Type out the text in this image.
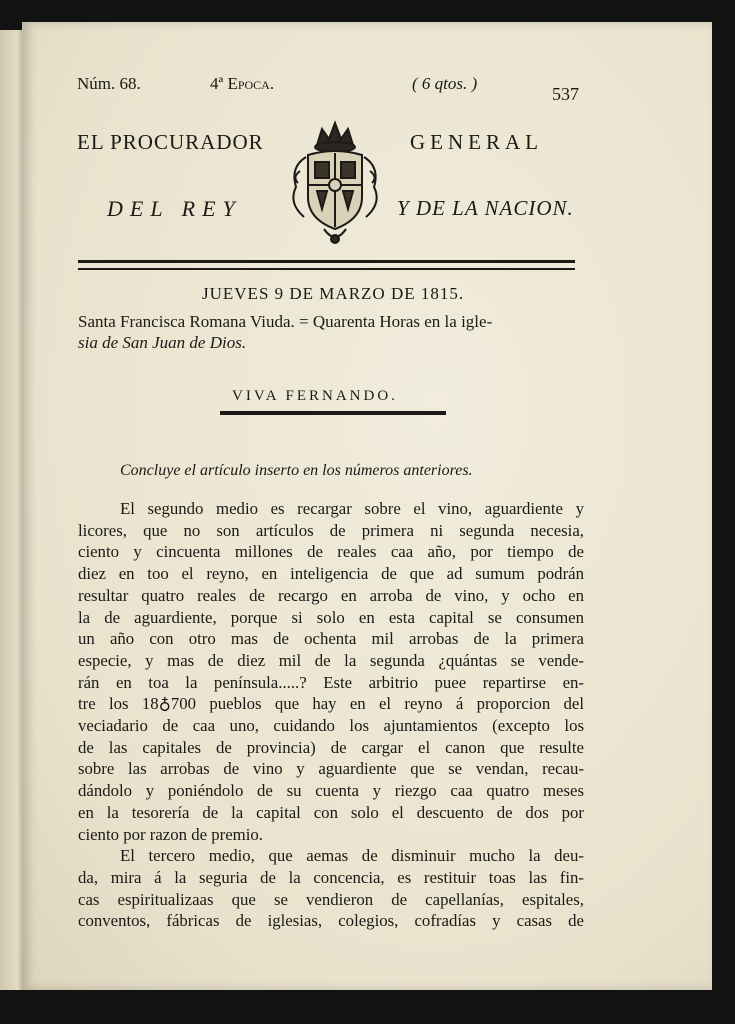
Núm. 68.	4ª Epoca.	( 6 qtos. )
537
EL PROCURADOR	GENERAL
DEL REY	Y DE LA NACION.
JUEVES 9 DE MARZO DE 1815.
Santa Francisca Romana Viuda. = Quarenta Horas en la igle-
sia de San Juan de Dios.
VIVA FERNANDO.
Concluye el artículo inserto en los números anteriores.
El segundo medio es recargar sobre el vino, aguardiente y
licores, que no son artículos de primera ni segunda necesia,
ciento y cincuenta millones de reales caa año, por tiempo de
diez en too el reyno, en inteligencia de que ad sumum podrán
resultar quatro reales de recargo en arroba de vino, y ocho en
la de aguardiente, porque si solo en esta capital se consumen
un año con otro mas de ochenta mil arrobas de la primera
especie, y mas de diez mil de la segunda ¿quántas se vende-
rán en toa la península.....? Este arbitrio puee repartirse en-
tre los 18♁700 pueblos que hay en el reyno á proporcion del
veciadario de caa uno, cuidando los ajuntamientos (excepto los
de las capitales de provincia) de cargar el canon que resulte
sobre las arrobas de vino y aguardiente que se vendan, recau-
dándolo y poniéndolo de su cuenta y riezgo caa quatro meses
en la tesorería de la capital con solo el descuento de dos por
ciento por razon de premio.
El tercero medio, que aemas de disminuir mucho la deu-
da, mira á la seguria de la concencia, es restituir toas las fin-
cas espiritualizaas que se vendieron de capellanías, espitales,
conventos, fábricas de iglesias, colegios, cofradías y casas de
